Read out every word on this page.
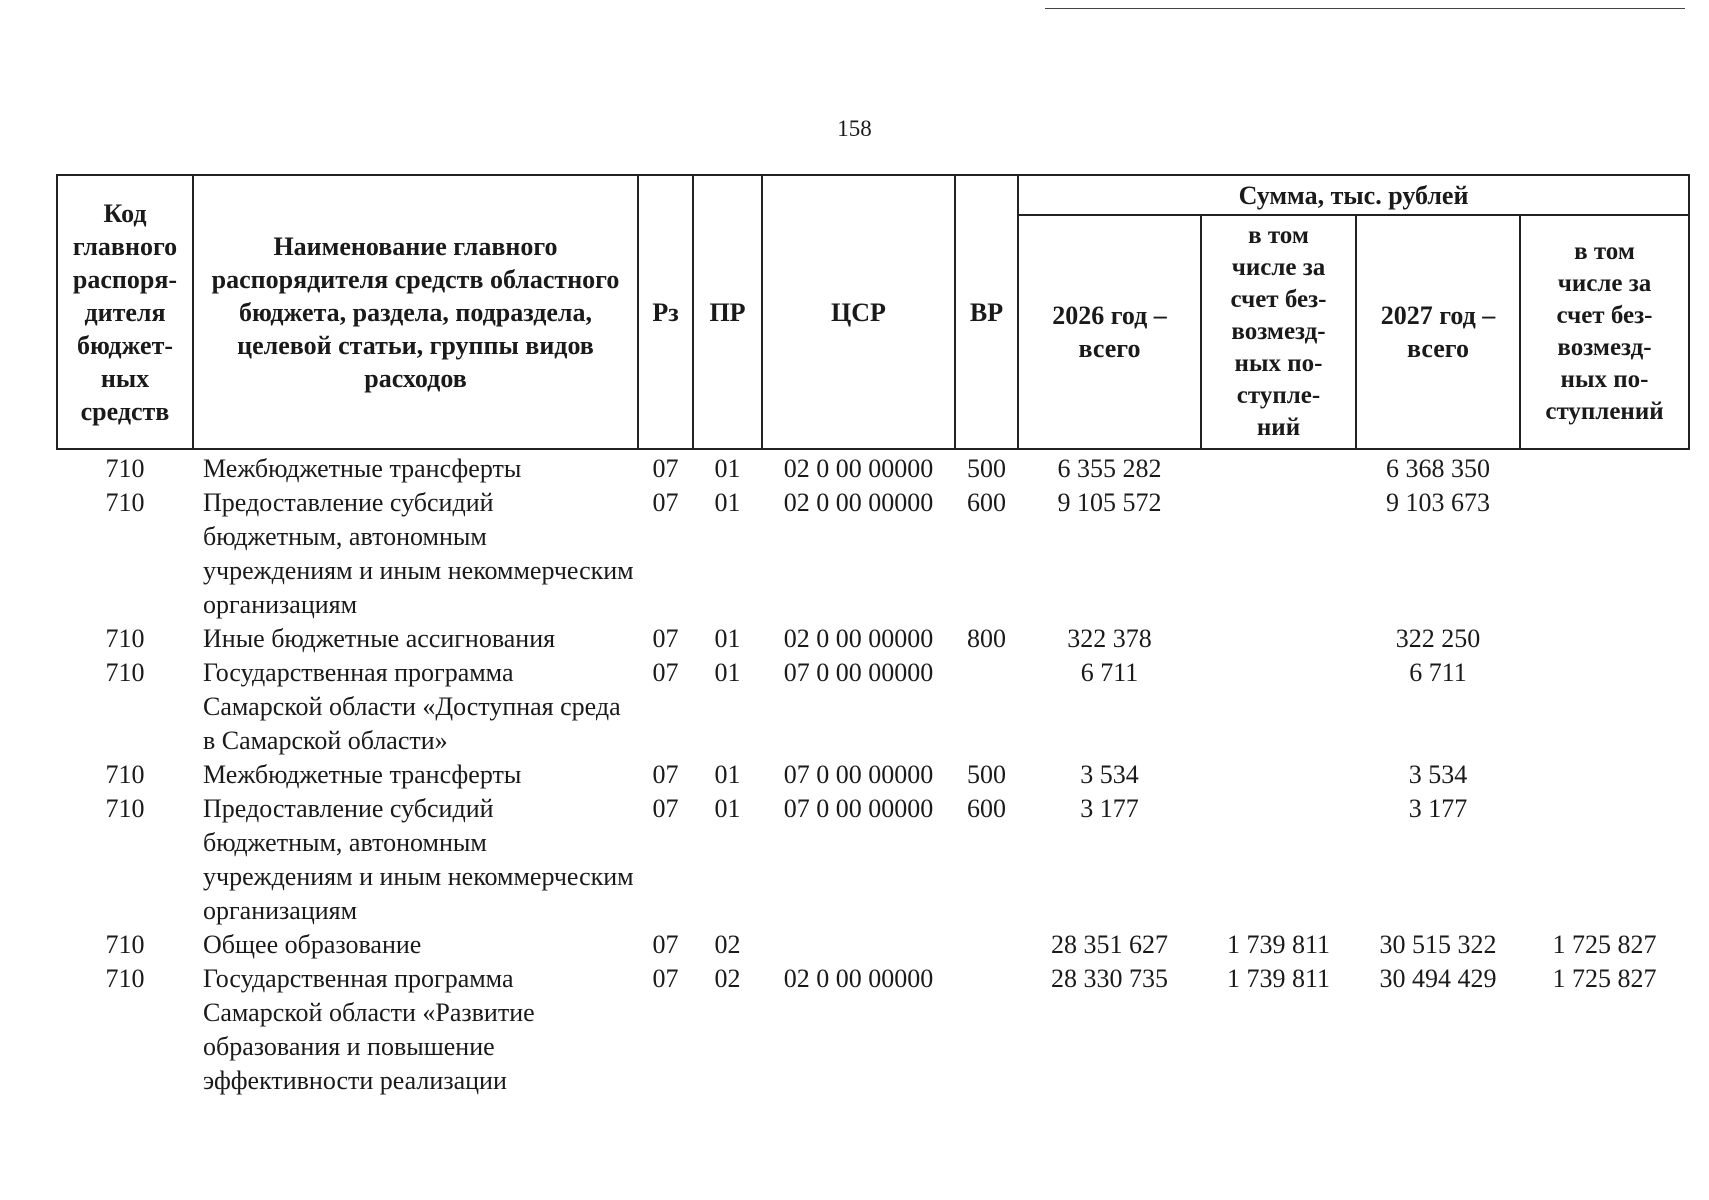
158
Код главного распоря-дителя бюджет-ных средств	Наименование главного распорядителя средств областного бюджета, раздела, подраздела, целевой статьи, группы видов расходов	Рз	ПР	ЦСР	ВР	Сумма, тыс. рублей			
						2026 год – всего	в том числе за счет без-возмезд-ных по-ступле-ний	2027 год – всего	в том числе за счет без-возмезд-ных по-ступлений
710	Межбюджетные трансферты	07	01	02 0 00 00000	500	6 355 282		6 368 350	
710	Предоставление субсидий бюджетным, автономным учреждениям и иным некоммерческим организациям	07	01	02 0 00 00000	600	9 105 572		9 103 673	
710	Иные бюджетные ассигнования	07	01	02 0 00 00000	800	322 378		322 250	
710	Государственная программа Самарской области «Доступная среда в Самарской области»	07	01	07 0 00 00000		6 711		6 711	
710	Межбюджетные трансферты	07	01	07 0 00 00000	500	3 534		3 534	
710	Предоставление субсидий бюджетным, автономным учреждениям и иным некоммерческим организациям	07	01	07 0 00 00000	600	3 177		3 177	
710	Общее образование	07	02			28 351 627	1 739 811	30 515 322	1 725 827
710	Государственная программа Самарской области «Развитие образования и повышение эффективности реализации	07	02	02 0 00 00000		28 330 735	1 739 811	30 494 429	1 725 827
